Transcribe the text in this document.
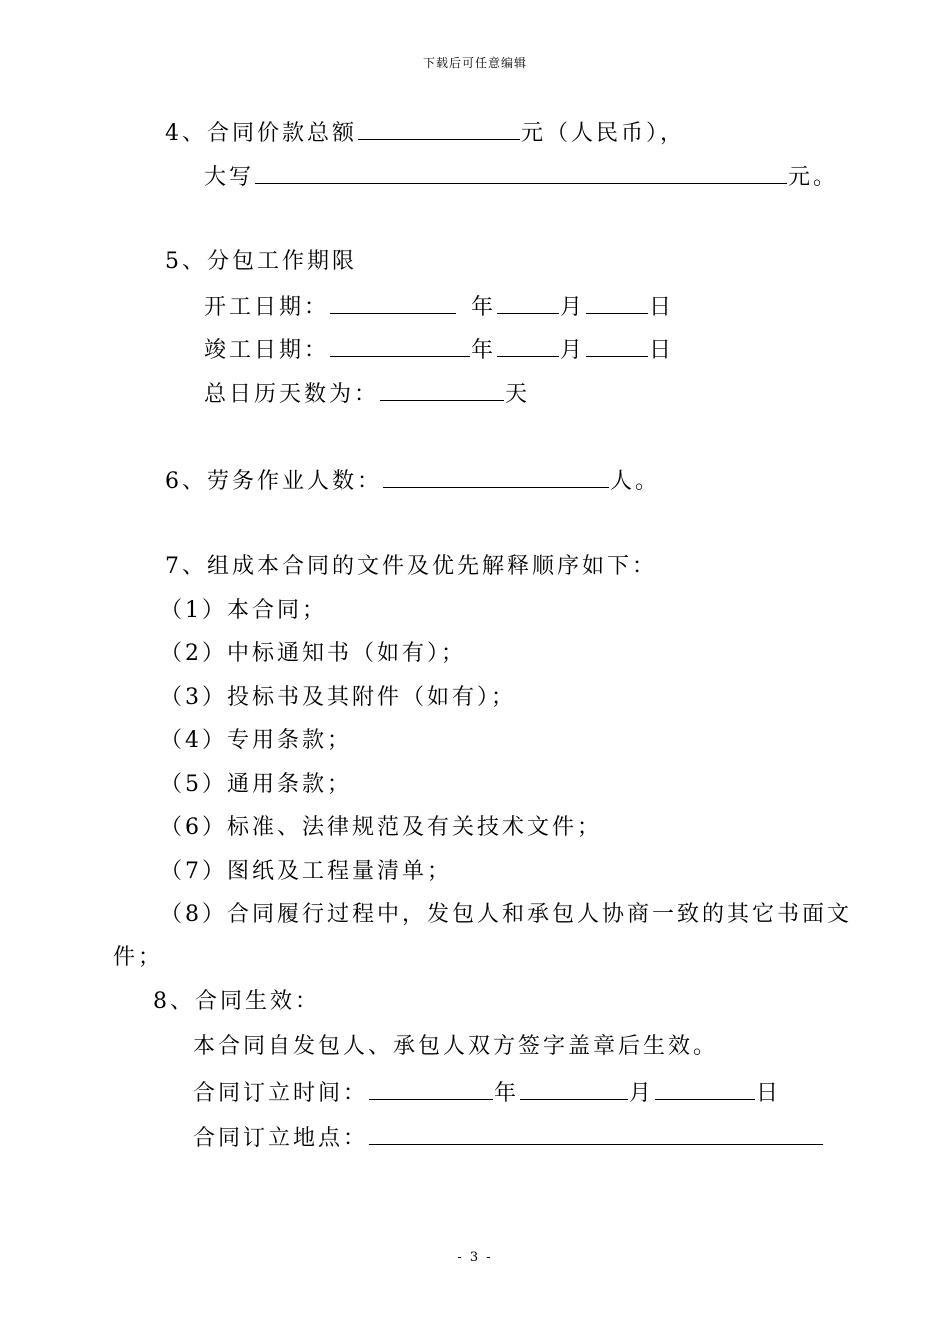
下载后可任意编辑
4、合同价款总额	元（人民币），
大写	元。
5、分包工作期限
开工日期：	年	月	日
竣工日期：	年	月	日
总日历天数为：	天
6、劳务作业人数：	人。
7、组成本合同的文件及优先解释顺序如下：
（1）本合同；
（2）中标通知书（如有）；
（3）投标书及其附件（如有）；
（4）专用条款；
（5）通用条款；
（6）标准、法律规范及有关技术文件；
（7）图纸及工程量清单；
（8）合同履行过程中，发包人和承包人协商一致的其它书面文
件；
8、合同生效：
本合同自发包人、承包人双方签字盖章后生效。
合同订立时间：	年	月	日
合同订立地点：
- 3 -
